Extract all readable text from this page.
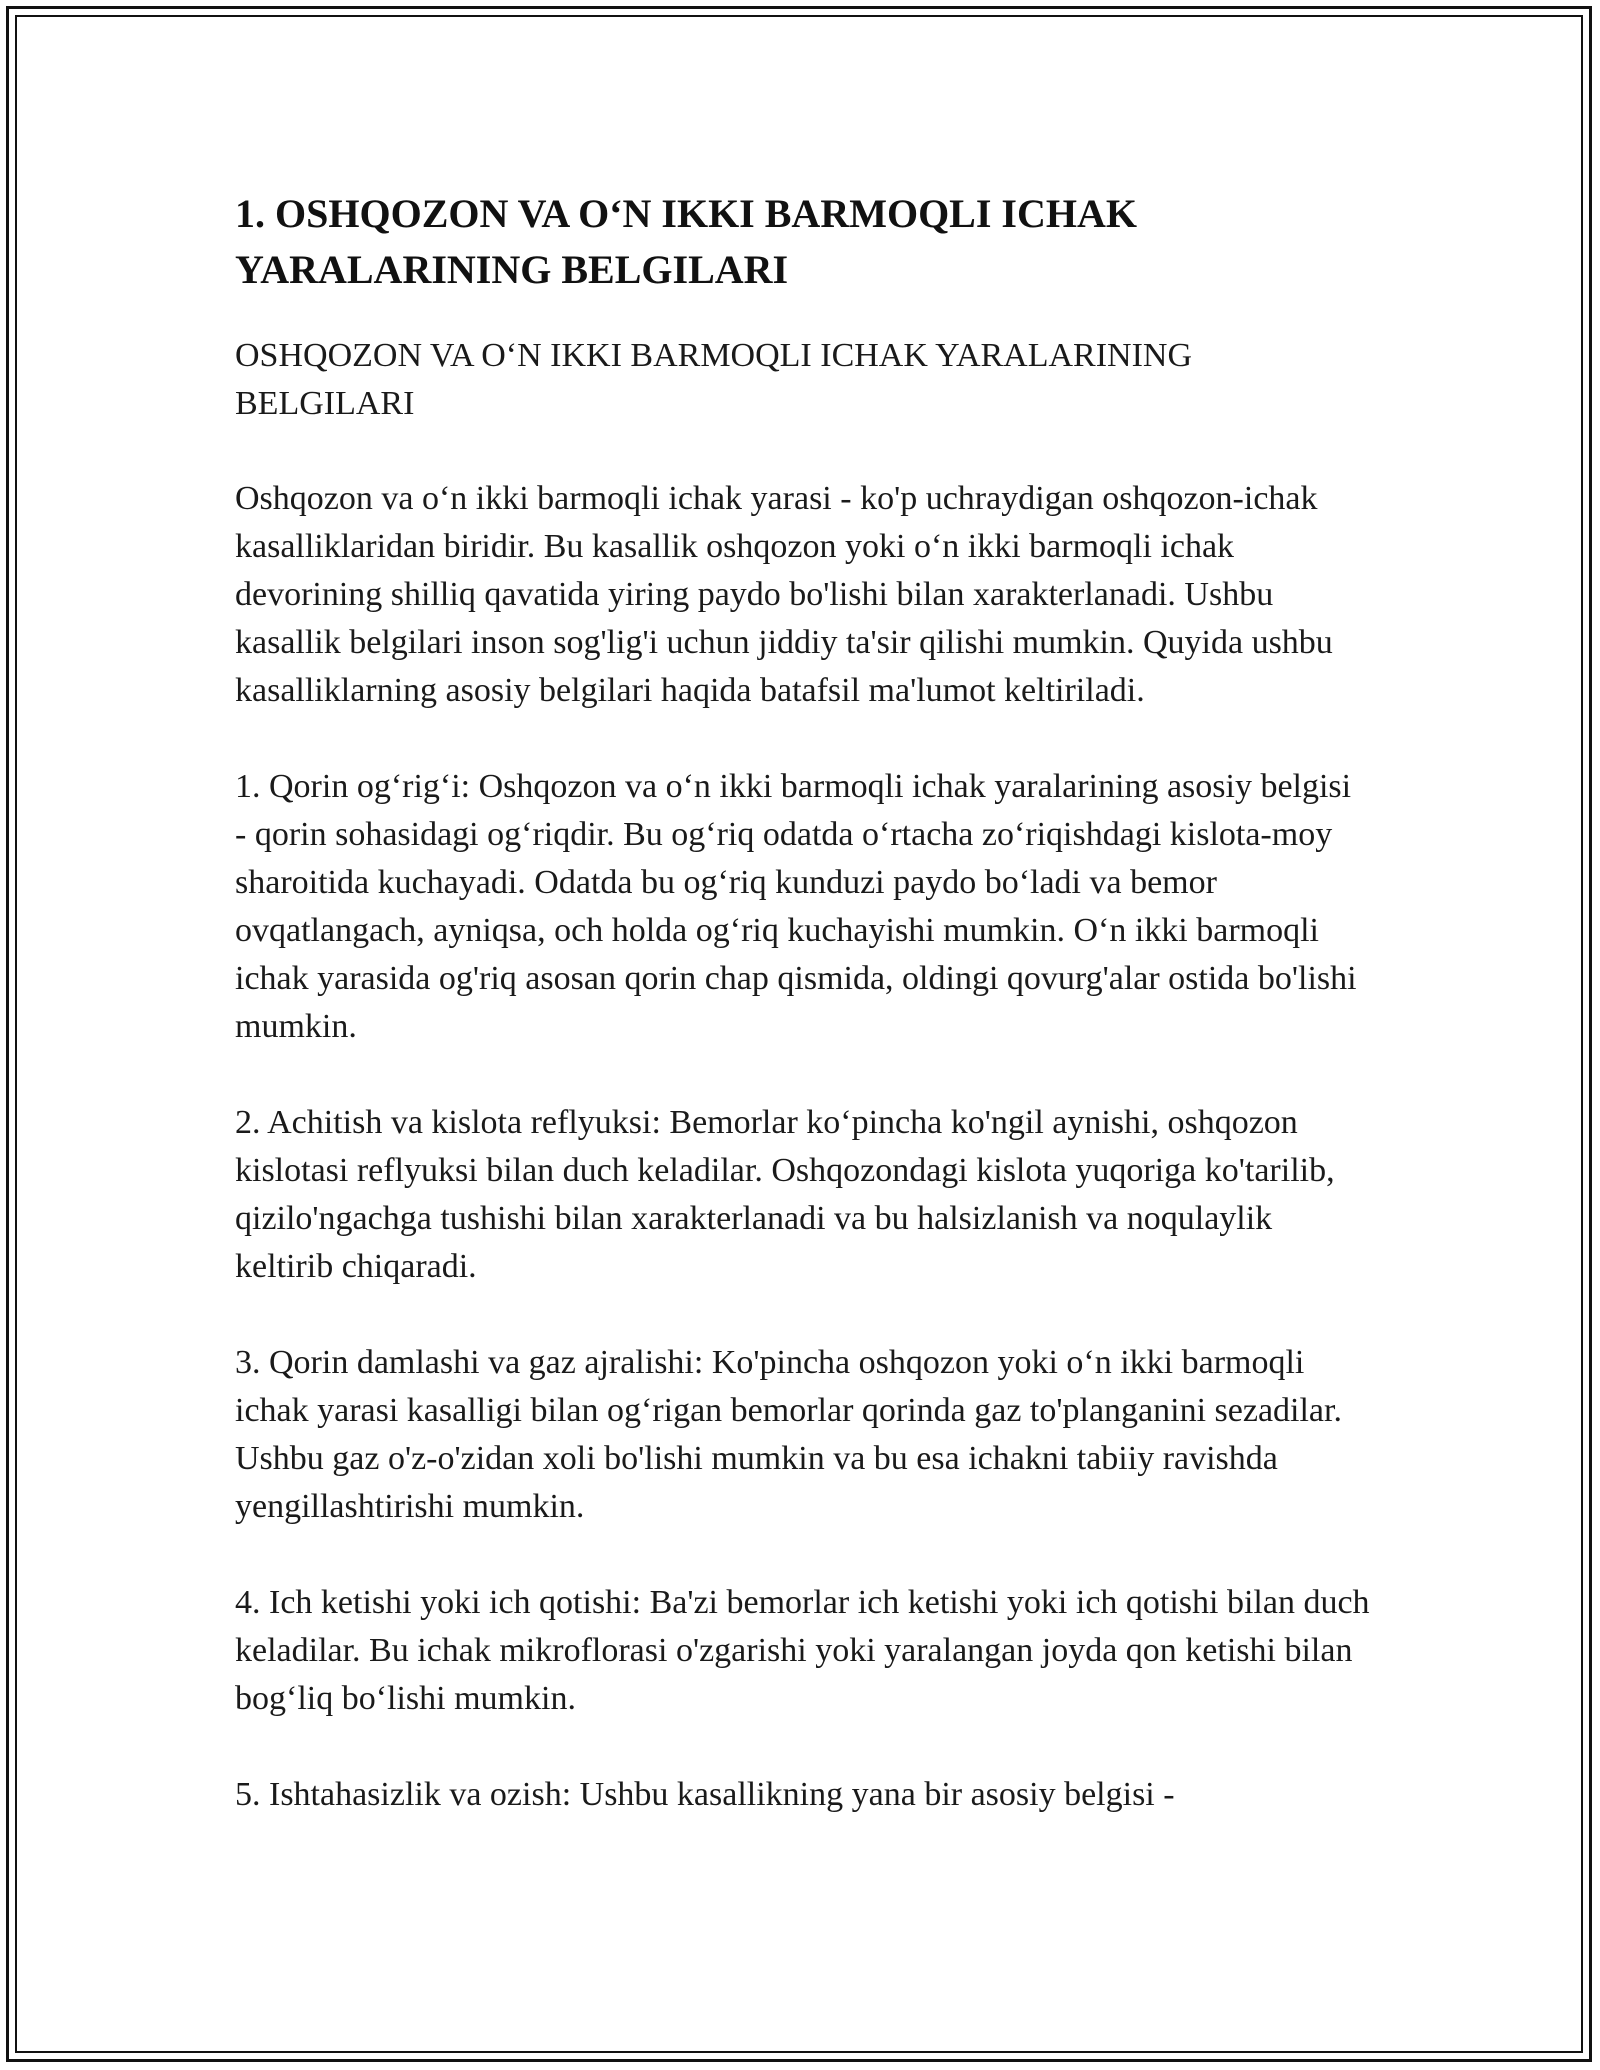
1. OSHQOZON VA O‘N IKKI BARMOQLI ICHAK YARALARINING BELGILARI

OSHQOZON VA O‘N IKKI BARMOQLI ICHAK YARALARINING BELGILARI

Oshqozon va o‘n ikki barmoqli ichak yarasi - ko'p uchraydigan oshqozon-ichak kasalliklaridan biridir. Bu kasallik oshqozon yoki o‘n ikki barmoqli ichak devorining shilliq qavatida yiring paydo bo'lishi bilan xarakterlanadi. Ushbu kasallik belgilari inson sog'lig'i uchun jiddiy ta'sir qilishi mumkin. Quyida ushbu kasalliklarning asosiy belgilari haqida batafsil ma'lumot keltiriladi.

1. Qorin og‘rig‘i: Oshqozon va o‘n ikki barmoqli ichak yaralarining asosiy belgisi - qorin sohasidagi og‘riqdir. Bu og‘riq odatda o‘rtacha zo‘riqishdagi kislota-moy sharoitida kuchayadi. Odatda bu og‘riq kunduzi paydo bo‘ladi va bemor ovqatlangach, ayniqsa, och holda og‘riq kuchayishi mumkin. O‘n ikki barmoqli ichak yarasida og'riq asosan qorin chap qismida, oldingi qovurg'alar ostida bo'lishi mumkin.

2. Achitish va kislota reflyuksi: Bemorlar ko‘pincha ko'ngil aynishi, oshqozon kislotasi reflyuksi bilan duch keladilar. Oshqozondagi kislota yuqoriga ko'tarilib, qizilo'ngachga tushishi bilan xarakterlanadi va bu halsizlanish va noqulaylik keltirib chiqaradi.

3. Qorin damlashi va gaz ajralishi: Ko'pincha oshqozon yoki o‘n ikki barmoqli ichak yarasi kasalligi bilan og‘rigan bemorlar qorinda gaz to'planganini sezadilar. Ushbu gaz o'z-o'zidan xoli bo'lishi mumkin va bu esa ichakni tabiiy ravishda yengillashtirishi mumkin.

4. Ich ketishi yoki ich qotishi: Ba'zi bemorlar ich ketishi yoki ich qotishi bilan duch keladilar. Bu ichak mikroflorasi o'zgarishi yoki yaralangan joyda qon ketishi bilan bog‘liq bo‘lishi mumkin.

5. Ishtahasizlik va ozish: Ushbu kasallikning yana bir asosiy belgisi -
